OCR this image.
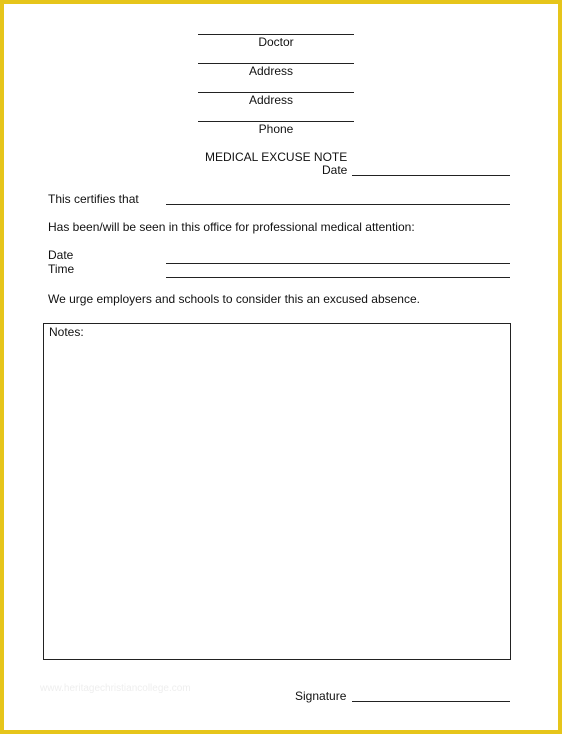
Doctor
Address
Address
Phone
MEDICAL EXCUSE NOTE
Date
This certifies that
Has been/will be seen in this office for professional medical attention:
Date
Time
We urge employers and schools to consider this an excused absence.
Notes:
www.heritagechristiancollege.com
Signature
